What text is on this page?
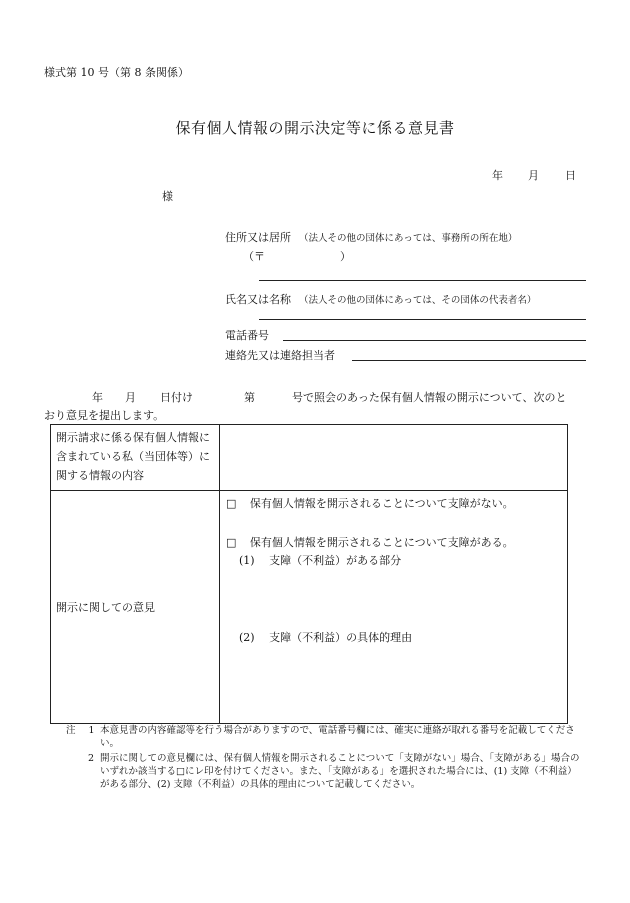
様式第 10 号（第 8 条関係）
保有個人情報の開示決定等に係る意見書
年 月 日
様
住所又は居所 （法人その他の団体にあっては、事務所の所在地）
（〒	）
氏名又は名称 （法人その他の団体にあっては、その団体の代表者名）
電話番号
連絡先又は連絡担当者
年 月 日付け	第	号で照会のあった保有個人情報の開示について、次のと
おり意見を提出します。
開示請求に係る保有個人情報に含まれている私（当団体等）に関する情報の内容	
開示に関しての意見	□ 保有個人情報を開示されることについて支障がない。
□ 保有個人情報を開示されることについて支障がある。
(1) 支障（不利益）がある部分
(2) 支障（不利益）の具体的理由
注 1 本意見書の内容確認等を行う場合がありますので、電話番号欄には、確実に連絡が取れる番号を記載してください。
2 開示に関しての意見欄には、保有個人情報を開示されることについて「支障がない」場合、「支障がある」場合のいずれか該当する□にレ印を付けてください。また、「支障がある」を選択された場合には、(1) 支障（不利益）がある部分、(2) 支障（不利益）の具体的理由について記載してください。
